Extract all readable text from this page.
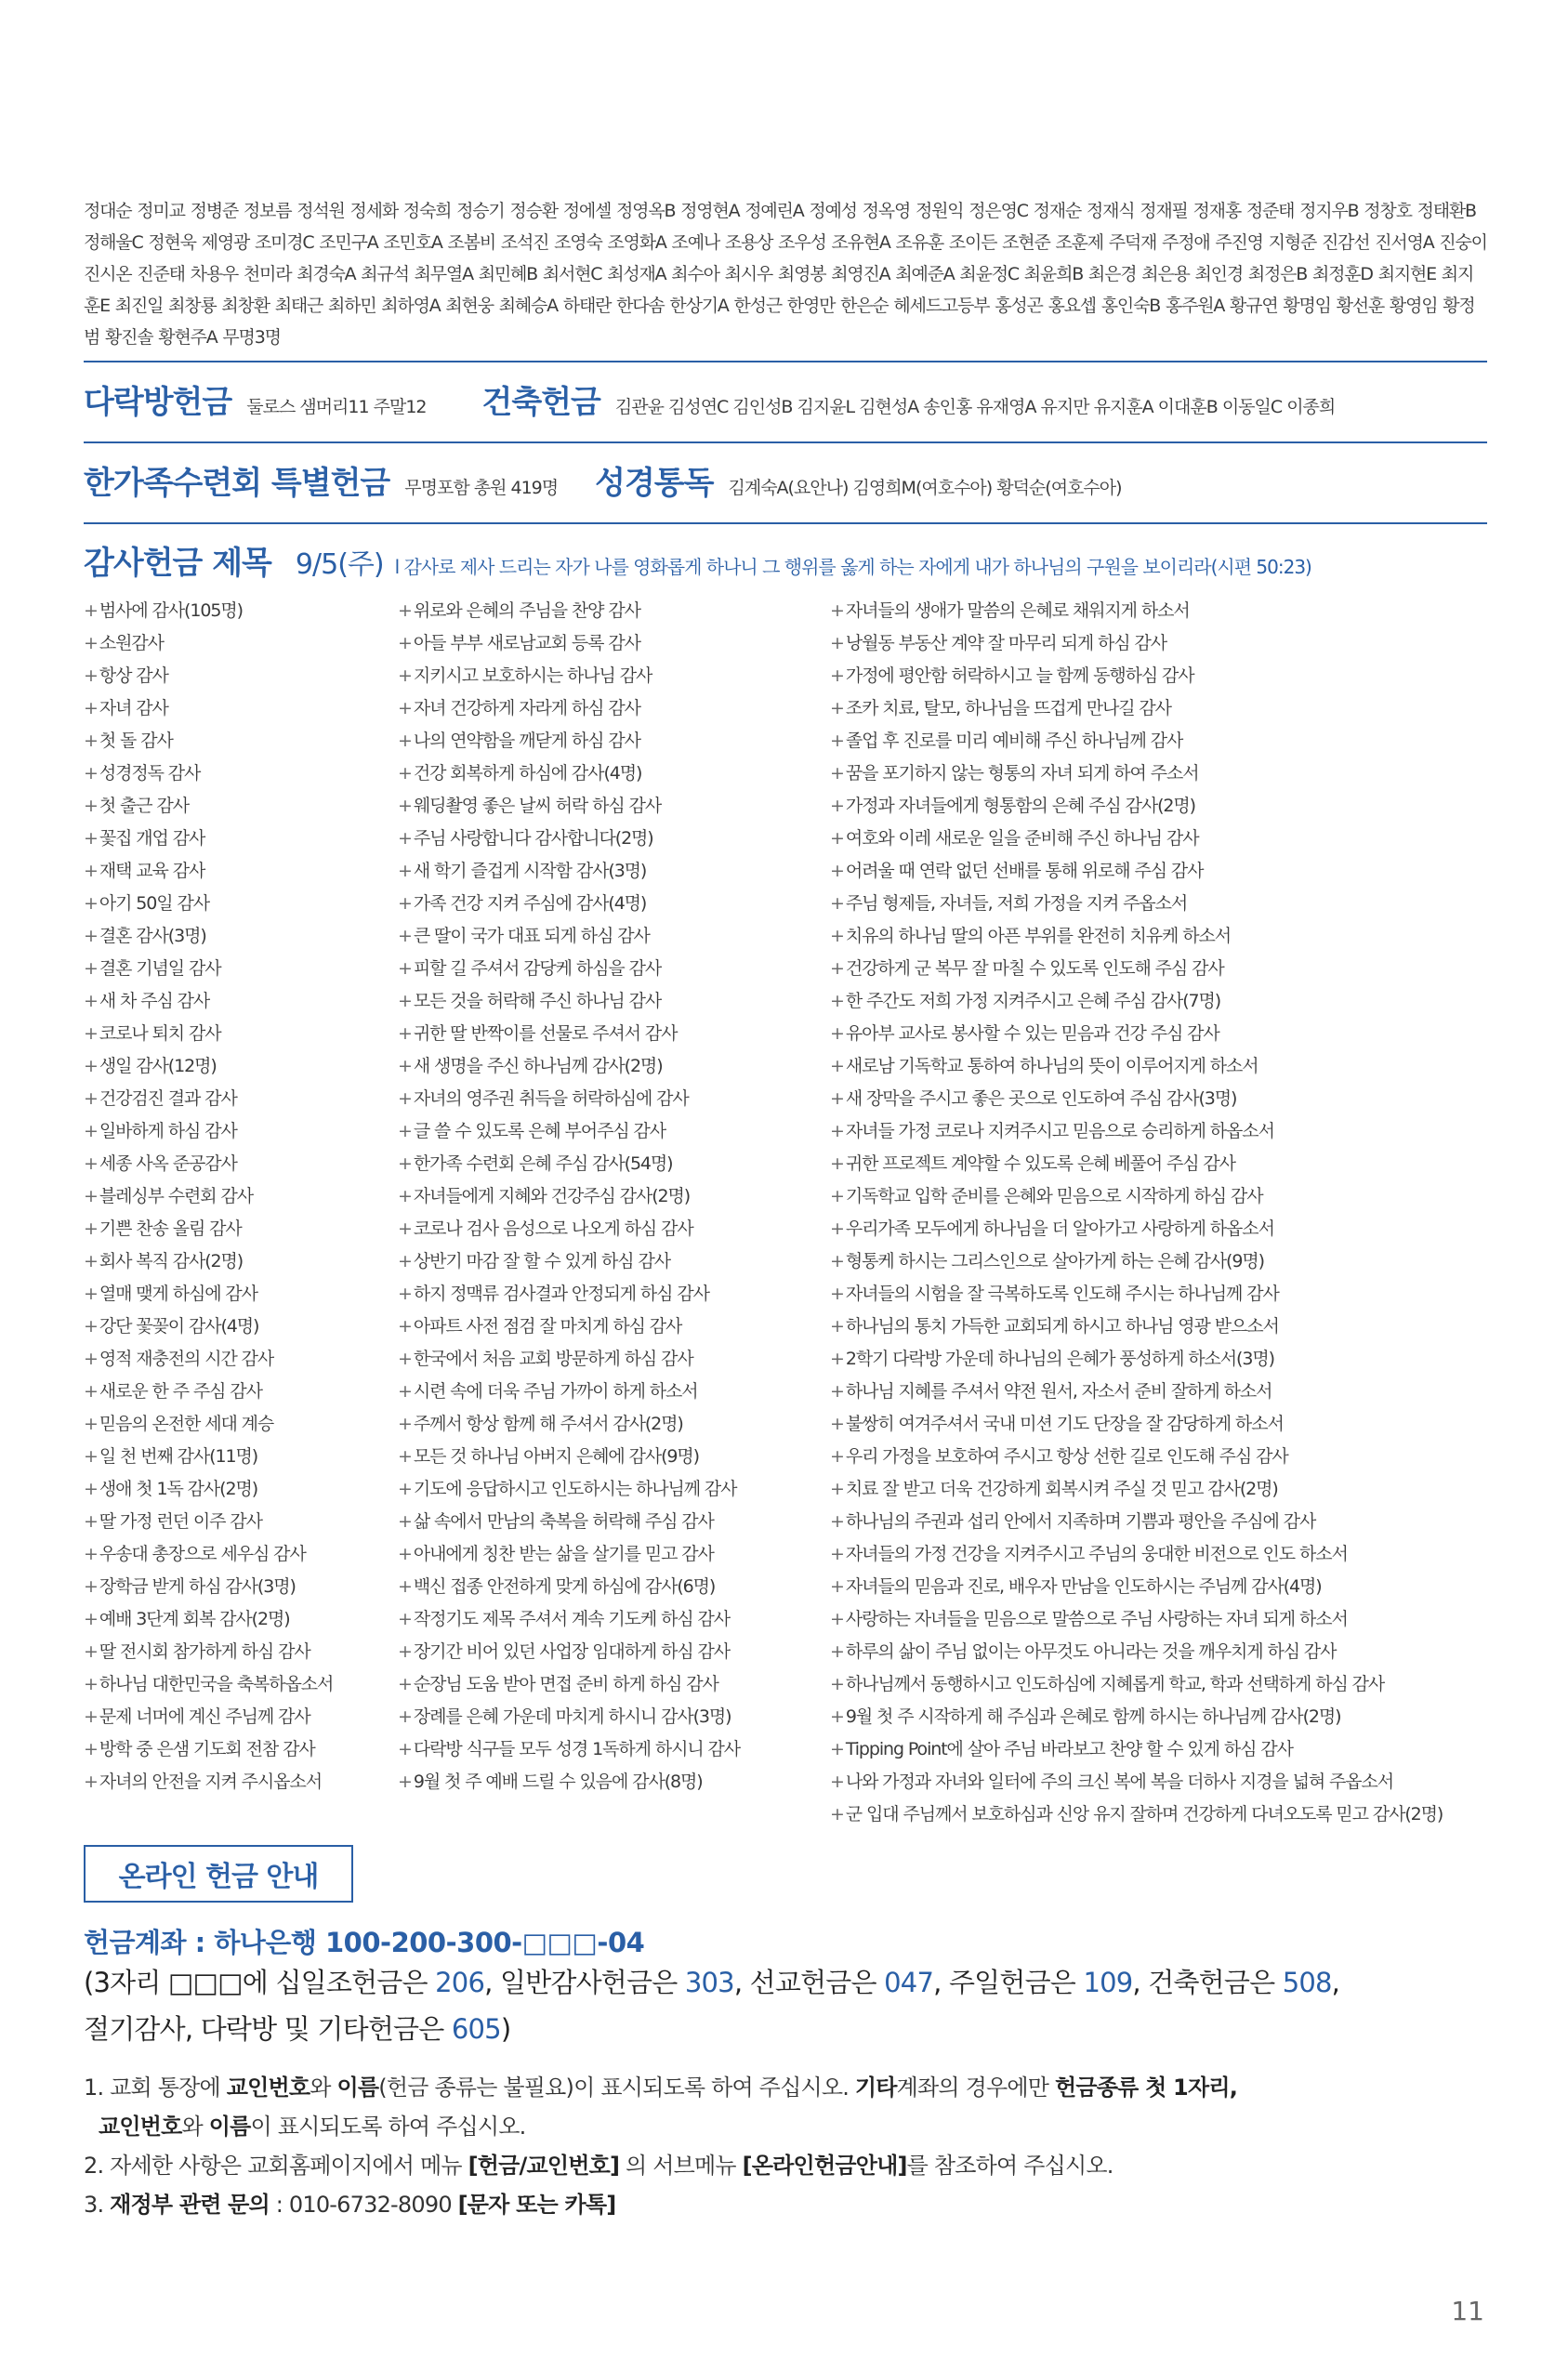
정대순 정미교 정병준 정보름 정석원 정세화 정숙희 정승기 정승환 정에셀 정영옥B 정영현A 정예린A 정예성 정옥영 정원익 정은영C 정재순 정재식 정재필 정재홍 정준태 정지우B 정창호 정태환B 정해울C 정현욱 제영광 조미경C 조민구A 조민호A 조봄비 조석진 조영숙 조영화A 조예나 조용상 조우성 조유현A 조유훈 조이든 조현준 조훈제 주덕재 주정애 주진영 지형준 진감선 진서영A 진숭이 진시온 진준태 차용우 천미라 최경숙A 최규석 최무열A 최민혜B 최서현C 최성재A 최수아 최시우 최영봉 최영진A 최예준A 최윤정C 최윤희B 최은경 최은용 최인경 최정은B 최정훈D 최지현E 최지훈E 최진일 최창룡 최창환 최태근 최하민 최하영A 최현웅 최혜승A 하태란 한다솜 한상기A 한성근 한영만 한은순 헤세드고등부 홍성곤 홍요셉 홍인숙B 홍주원A 황규연 황명임 황선훈 황영임 황정범 황진솔 황현주A 무명3명
다락방헌금 둘로스 샘머리11 주말12 건축헌금 김관윤 김성연C 김인성B 김지윤L 김현성A 송인홍 유재영A 유지만 유지훈A 이대훈B 이동일C 이종희
한가족수련회 특별헌금 무명포함 총원 419명 성경통독 김계숙A(요안나) 김영희M(여호수아) 황덕순(여호수아)
감사헌금 제목 9/5(주) l 감사로 제사 드리는 자가 나를 영화롭게 하나니 그 행위를 옳게 하는 자에게 내가 하나님의 구원을 보이리라(시편 50:23)
+ 범사에 감사(105명)
+ 소원감사
+ 항상 감사
+ 자녀 감사
+ 첫 돌 감사
+ 성경정독 감사
+ 첫 출근 감사
+ 꽃집 개업 감사
+ 재택 교육 감사
+ 아기 50일 감사
+ 결혼 감사(3명)
+ 결혼 기념일 감사
+ 새 차 주심 감사
+ 코로나 퇴치 감사
+ 생일 감사(12명)
+ 건강검진 결과 감사
+ 일바하게 하심 감사
+ 세종 사옥 준공감사
+ 블레싱부 수련회 감사
+ 기쁜 찬송 올림 감사
+ 회사 복직 감사(2명)
+ 열매 맺게 하심에 감사
+ 강단 꽃꽂이 감사(4명)
+ 영적 재충전의 시간 감사
+ 새로운 한 주 주심 감사
+ 믿음의 온전한 세대 계승
+ 일 천 번째 감사(11명)
+ 생애 첫 1독 감사(2명)
+ 딸 가정 런던 이주 감사
+ 우송대 총장으로 세우심 감사
+ 장학금 받게 하심 감사(3명)
+ 예배 3단계 회복 감사(2명)
+ 딸 전시회 참가하게 하심 감사
+ 하나님 대한민국을 축복하옵소서
+ 문제 너머에 계신 주님께 감사
+ 방학 중 은샘 기도회 전참 감사
+ 자녀의 안전을 지켜 주시옵소서
+ 위로와 은혜의 주님을 찬양 감사
+ 아들 부부 새로남교회 등록 감사
+ 지키시고 보호하시는 하나님 감사
+ 자녀 건강하게 자라게 하심 감사
+ 나의 연약함을 깨닫게 하심 감사
+ 건강 회복하게 하심에 감사(4명)
+ 웨딩촬영 좋은 날씨 허락 하심 감사
+ 주님 사랑합니다 감사합니다(2명)
+ 새 학기 즐겁게 시작함 감사(3명)
+ 가족 건강 지켜 주심에 감사(4명)
+ 큰 딸이 국가 대표 되게 하심 감사
+ 피할 길 주셔서 감당케 하심을 감사
+ 모든 것을 허락해 주신 하나님 감사
+ 귀한 딸 반짝이를 선물로 주셔서 감사
+ 새 생명을 주신 하나님께 감사(2명)
+ 자녀의 영주권 취득을 허락하심에 감사
+ 글 쓸 수 있도록 은혜 부어주심 감사
+ 한가족 수련회 은혜 주심 감사(54명)
+ 자녀들에게 지혜와 건강주심 감사(2명)
+ 코로나 검사 음성으로 나오게 하심 감사
+ 상반기 마감 잘 할 수 있게 하심 감사
+ 하지 정맥류 검사결과 안정되게 하심 감사
+ 아파트 사전 점검 잘 마치게 하심 감사
+ 한국에서 처음 교회 방문하게 하심 감사
+ 시련 속에 더욱 주님 가까이 하게 하소서
+ 주께서 항상 함께 해 주셔서 감사(2명)
+ 모든 것 하나님 아버지 은혜에 감사(9명)
+ 기도에 응답하시고 인도하시는 하나님께 감사
+ 삶 속에서 만남의 축복을 허락해 주심 감사
+ 아내에게 칭찬 받는 삶을 살기를 믿고 감사
+ 백신 접종 안전하게 맞게 하심에 감사(6명)
+ 작정기도 제목 주셔서 계속 기도케 하심 감사
+ 장기간 비어 있던 사업장 임대하게 하심 감사
+ 순장님 도움 받아 면접 준비 하게 하심 감사
+ 장례를 은혜 가운데 마치게 하시니 감사(3명)
+ 다락방 식구들 모두 성경 1독하게 하시니 감사
+ 9월 첫 주 예배 드릴 수 있음에 감사(8명)
+ 자녀들의 생애가 말씀의 은혜로 채워지게 하소서
+ 낭월동 부동산 계약 잘 마무리 되게 하심 감사
+ 가정에 평안함 허락하시고 늘 함께 동행하심 감사
+ 조카 치료, 탈모, 하나님을 뜨겁게 만나길 감사
+ 졸업 후 진로를 미리 예비해 주신 하나님께 감사
+ 꿈을 포기하지 않는 형통의 자녀 되게 하여 주소서
+ 가정과 자녀들에게 형통함의 은혜 주심 감사(2명)
+ 여호와 이레 새로운 일을 준비해 주신 하나님 감사
+ 어려울 때 연락 없던 선배를 통해 위로해 주심 감사
+ 주님 형제들, 자녀들, 저희 가정을 지켜 주옵소서
+ 치유의 하나님 딸의 아픈 부위를 완전히 치유케 하소서
+ 건강하게 군 복무 잘 마칠 수 있도록 인도해 주심 감사
+ 한 주간도 저희 가정 지켜주시고 은혜 주심 감사(7명)
+ 유아부 교사로 봉사할 수 있는 믿음과 건강 주심 감사
+ 새로남 기독학교 통하여 하나님의 뜻이 이루어지게 하소서
+ 새 장막을 주시고 좋은 곳으로 인도하여 주심 감사(3명)
+ 자녀들 가정 코로나 지켜주시고 믿음으로 승리하게 하옵소서
+ 귀한 프로젝트 계약할 수 있도록 은혜 베풀어 주심 감사
+ 기독학교 입학 준비를 은혜와 믿음으로 시작하게 하심 감사
+ 우리가족 모두에게 하나님을 더 알아가고 사랑하게 하옵소서
+ 형통케 하시는 그리스인으로 살아가게 하는 은혜 감사(9명)
+ 자녀들의 시험을 잘 극복하도록 인도해 주시는 하나님께 감사
+ 하나님의 통치 가득한 교회되게 하시고 하나님 영광 받으소서
+ 2학기 다락방 가운데 하나님의 은혜가 풍성하게 하소서(3명)
+ 하나님 지혜를 주셔서 약전 원서, 자소서 준비 잘하게 하소서
+ 불쌍히 여겨주셔서 국내 미션 기도 단장을 잘 감당하게 하소서
+ 우리 가정을 보호하여 주시고 항상 선한 길로 인도해 주심 감사
+ 치료 잘 받고 더욱 건강하게 회복시켜 주실 것 믿고 감사(2명)
+ 하나님의 주권과 섭리 안에서 지족하며 기쁨과 평안을 주심에 감사
+ 자녀들의 가정 건강을 지켜주시고 주님의 웅대한 비전으로 인도 하소서
+ 자녀들의 믿음과 진로, 배우자 만남을 인도하시는 주님께 감사(4명)
+ 사랑하는 자녀들을 믿음으로 말씀으로 주님 사랑하는 자녀 되게 하소서
+ 하루의 삶이 주님 없이는 아무것도 아니라는 것을 깨우치게 하심 감사
+ 하나님께서 동행하시고 인도하심에 지혜롭게 학교, 학과 선택하게 하심 감사
+ 9월 첫 주 시작하게 해 주심과 은혜로 함께 하시는 하나님께 감사(2명)
+ Tipping Point에 살아 주님 바라보고 찬양 할 수 있게 하심 감사
+ 나와 가정과 자녀와 일터에 주의 크신 복에 복을 더하사 지경을 넓혀 주옵소서
+ 군 입대 주님께서 보호하심과 신앙 유지 잘하며 건강하게 다녀오도록 믿고 감사(2명)
온라인 헌금 안내
헌금계좌 : 하나은행 100-200-300-□□□-04
(3자리 □□□에 십일조헌금은 206, 일반감사헌금은 303, 선교헌금은 047, 주일헌금은 109, 건축헌금은 508,
절기감사, 다락방 및 기타헌금은 605)
1. 교회 통장에 교인번호와 이름(헌금 종류는 불필요)이 표시되도록 하여 주십시오. 기타계좌의 경우에만 헌금종류 첫 1자리,
교인번호와 이름이 표시되도록 하여 주십시오.
2. 자세한 사항은 교회홈페이지에서 메뉴 [헌금/교인번호] 의 서브메뉴 [온라인헌금안내]를 참조하여 주십시오.
3. 재정부 관련 문의 : 010-6732-8090 [문자 또는 카톡]
11
